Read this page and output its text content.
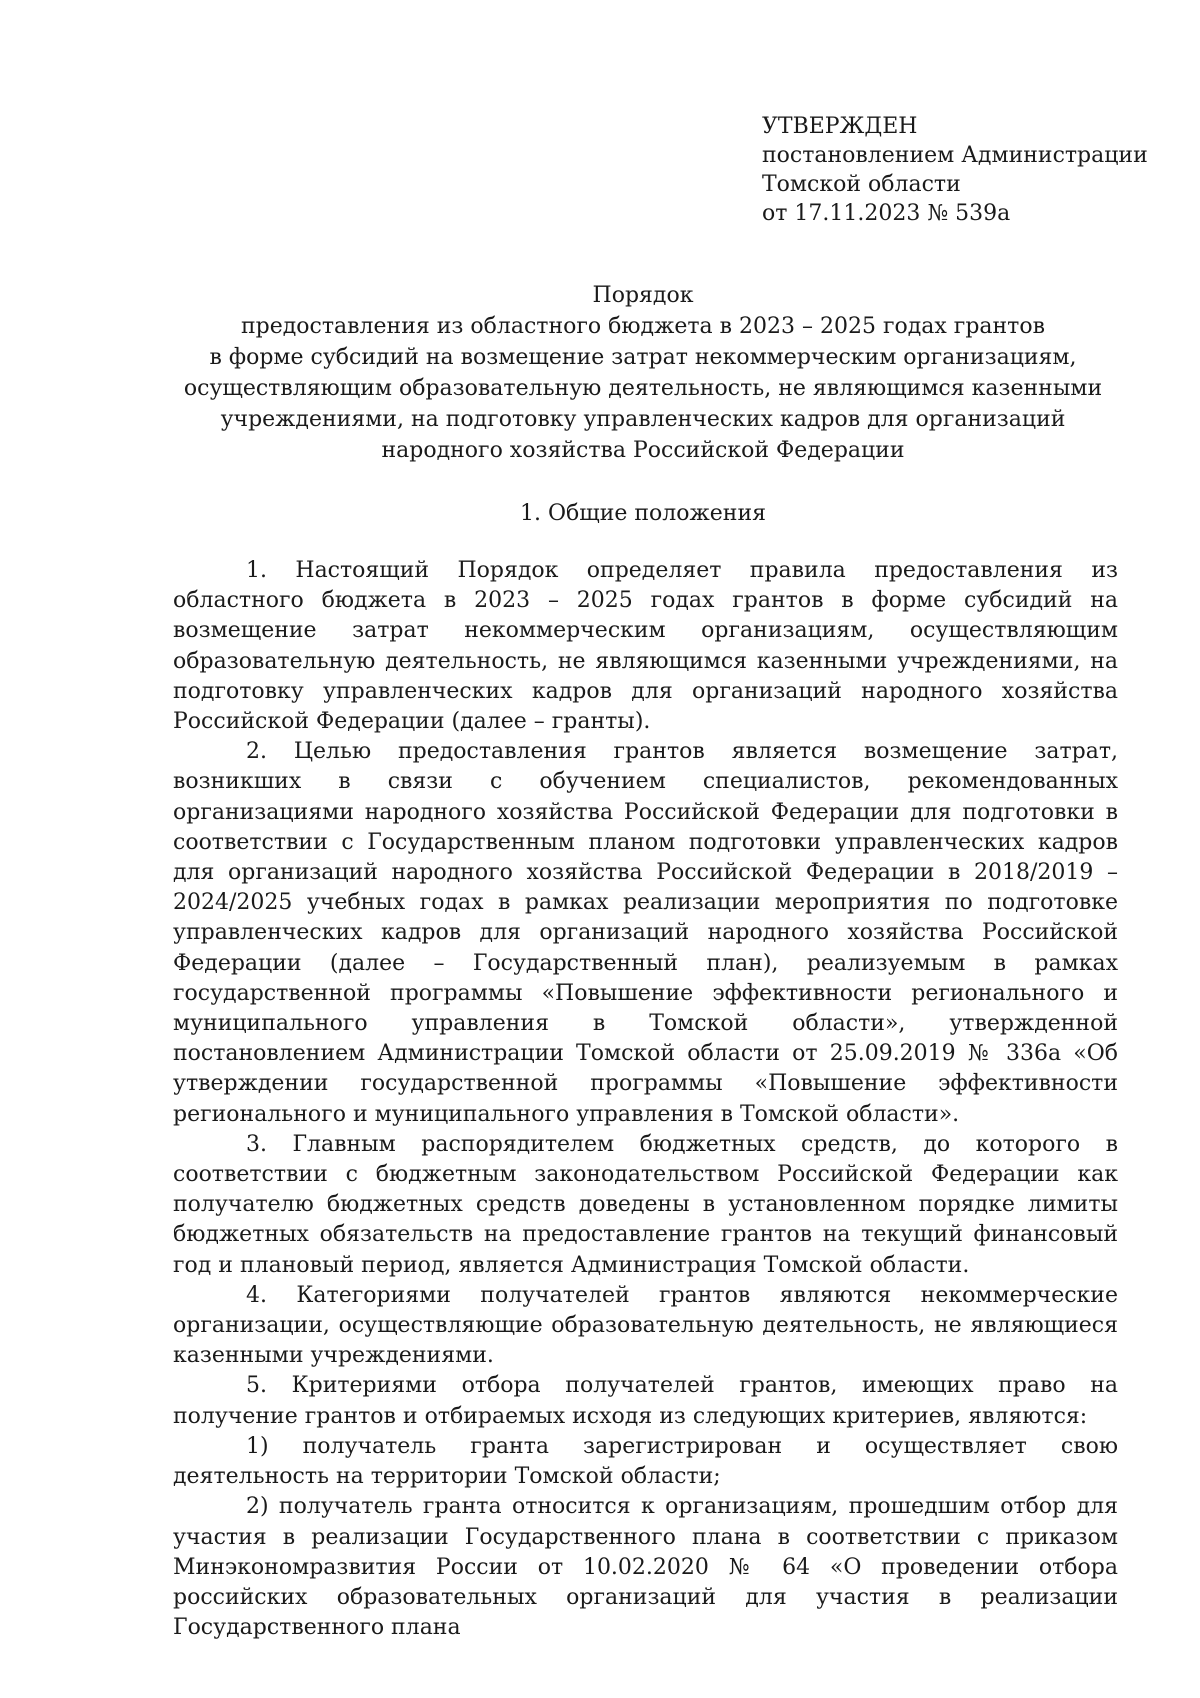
УТВЕРЖДЕН
постановлением Администрации
Томской области
от 17.11.2023 № 539а
Порядок
предоставления из областного бюджета в 2023 – 2025 годах грантов
в форме субсидий на возмещение затрат некоммерческим организациям,
осуществляющим образовательную деятельность, не являющимся казенными
учреждениями, на подготовку управленческих кадров для организаций
народного хозяйства Российской Федерации
1. Общие положения

1. Настоящий Порядок определяет правила предоставления из областного бюджета в 2023 – 2025 годах грантов в форме субсидий на возмещение затрат некоммерческим организациям, осуществляющим образовательную деятельность, не являющимся казенными учреждениями, на подготовку управленческих кадров для организаций народного хозяйства Российской Федерации (далее – гранты).

2. Целью предоставления грантов является возмещение затрат, возникших в связи с обучением специалистов, рекомендованных организациями народного хозяйства Российской Федерации для подготовки в соответствии с Государственным планом подготовки управленческих кадров для организаций народного хозяйства Российской Федерации в 2018/2019 – 2024/2025 учебных годах в рамках реализации мероприятия по подготовке управленческих кадров для организаций народного хозяйства Российской Федерации (далее – Государственный план), реализуемым в рамках государственной программы «Повышение эффективности регионального и муниципального управления в Томской области», утвержденной постановлением Администрации Томской области от 25.09.2019 № 336а «Об утверждении государственной программы «Повышение эффективности регионального и муниципального управления в Томской области».

3. Главным распорядителем бюджетных средств, до которого в соответствии с бюджетным законодательством Российской Федерации как получателю бюджетных средств доведены в установленном порядке лимиты бюджетных обязательств на предоставление грантов на текущий финансовый год и плановый период, является Администрация Томской области.

4. Категориями получателей грантов являются некоммерческие организации, осуществляющие образовательную деятельность, не являющиеся казенными учреждениями.

5. Критериями отбора получателей грантов, имеющих право на получение грантов и отбираемых исходя из следующих критериев, являются:

1) получатель гранта зарегистрирован и осуществляет свою деятельность на территории Томской области;

2) получатель гранта относится к организациям, прошедшим отбор для участия в реализации Государственного плана в соответствии с приказом Минэкономразвития России от 10.02.2020 № 64 «О проведении отбора российских образовательных организаций для участия в реализации Государственного плана
